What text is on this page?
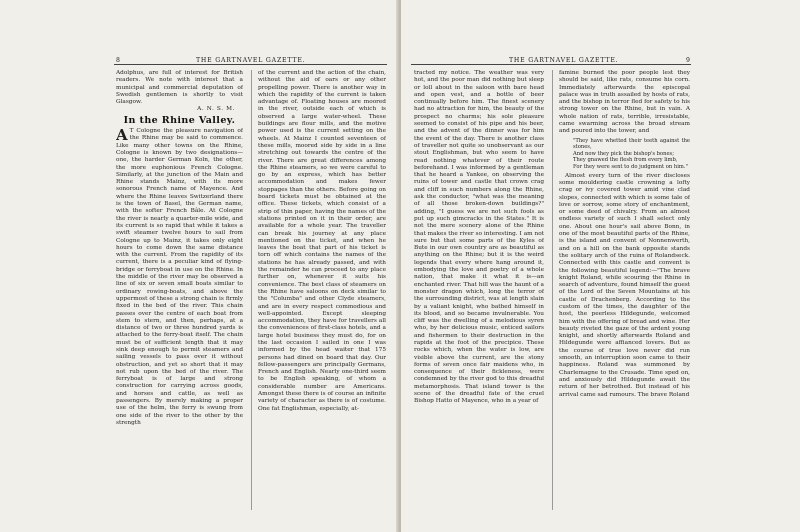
8	THE GARTNAVEL GAZETTE.

Adolphus, are full of interest for British readers. We note with interest that a municipal and commercial deputation of Swedish gentlemen is shortly to visit Glasgow.

A. N. S. M.

In the Rhine Valley.

A T Cologne the pleasure navigation of the Rhine may be said to commence. Like many other towns on the Rhine, Cologne is known by two designations—one, the harder German Koln, the other, the more euphonious French Cologne. Similarly, at the junction of the Main and Rhine stands Mainz, with its more sonorous French name of Mayence. And where the Rhine leaves Switzerland there is the town of Basel, the German name, with the softer French Bâle. At Cologne the river is nearly a quarter-mile wide, and its current is so rapid that while it takes a swift steamer twelve hours to sail from Cologne up to Mainz, it takes only eight hours to come down the same distance with the current. From the rapidity of its current, there is a peculiar kind of flying-bridge or ferryboat in use on the Rhine. In the middle of the river may be observed a line of six or seven small boats similar to ordinary rowing-boats, and above the uppermost of these a strong chain is firmly fixed in the bed of the river. This chain passes over the centre of each boat from stem to stern, and then, perhaps, at a distance of two or three hundred yards is attached to the ferry-boat itself. The chain must be of sufficient length that it may sink deep enough to permit steamers and sailing vessels to pass over it without obstruction, and yet so short that it may not rub upon the bed of the river. The ferryboat is of large and strong construction for carrying across goods, and horses and cattle, as well as passengers. By merely making a proper use of the helm, the ferry is swung from one side of the river to the other by the strength

of the current and the action of the chain, without the aid of oars or any other propelling power. There is another way in which the rapidity of the current is taken advantage of. Floating houses are moored in the river, outside each of which is observed a large water-wheel. These buildings are flour mills, and the motive power used is the current setting on the wheels. At Mainz I counted seventeen of these mills, moored side by side in a line stretching out towards the centre of the river. There are great differences among the Rhine steamers, so we were careful to go by an express, which has better accommodation and makes fewer stoppages than the others. Before going on board tickets must be obtained at the office. These tickets, which consist of a strip of thin paper, having the names of the stations printed on it in their order, are available for a whole year. The traveller can break his journey at any place mentioned on the ticket, and when he leaves the boat that part of his ticket is torn off which contains the names of the stations he has already passed, and with the remainder he can proceed to any place further on, whenever it suits his convenience. The best class of steamers on the Rhine have saloons on deck similar to the "Columba" and other Clyde steamers, and are in every respect commodious and well-appointed. Except sleeping accommodation, they have for travellers all the conveniences of first-class hotels, and a large hotel business they must do, for on the last occasion I sailed in one I was informed by the head waiter that 175 persons had dined on board that day. Our fellow-passengers are principally Germans, French and English. Nearly one-third seem to be English speaking, of whom a considerable number are Americans. Amongst these there is of course an infinite variety of character as there is of costume. One fat Englishman, especially, at-

THE GARTNAVEL GAZETTE.	9

tracted my notice. The weather was very hot, and the poor man did nothing but sleep or loll about in the saloon with bare head and open vest, and a bottle of beer continually before him. The finest scenery had no attraction for him, the beauty of the prospect no charms; his sole pleasure seemed to consist of his pipe and his beer, and the advent of the dinner was for him the event of the day. There is another class of traveller not quite so unobservant as our stout Englishman, but who seem to have read nothing whatever of their route beforehand. I was informed by a gentleman that he heard a Yankee, on observing the ruins of tower and castle that crown crag and cliff in such numbers along the Rhine, ask the conductor, "what was the meaning of all those broken-down buildings?" adding, "I guess we are not such fools as put up such gimcracks in the States." It is not the mere scenery alone of the Rhine that makes the river so interesting. I am not sure but that some parts of the Kyles of Bute in our own country are as beautiful as anything on the Rhine; but it is the weird legends that every where hang around it, embodying the love and poetry of a whole nation, that make it what it is—an enchanted river. That hill was the haunt of a monster dragon which, long the terror of the surrounding district, was at length slain by a valiant knight, who bathed himself in its blood, and so became invulnerable. You cliff was the dwelling of a melodious syren who, by her delicious music, enticed sailors and fishermen to their destruction in the rapids at the foot of the precipice. These rocks which, when the water is low, are visible above the current, are the stony forms of seven once fair maidens who, in consequence of their fickleness, were condemned by the river god to this dreadful metamorphosis. That island tower is the scene of the dreadful fate of the cruel Bishop Hatto of Mayence, who in a year of

famine burned the poor people lest they should be said, like rats, consume his corn. Immediately afterwards the episcopal palace was in truth assailed by hosts of rats, and the bishop in terror fled for safety to his strong tower on the Rhine, but in vain. A whole nation of rats, terrible, irresistable, came swarming across the broad stream and poured into the tower, and

"They have whetted their teeth against the stones,

And now they pick the bishop's bones;

They gnawed the flesh from every limb,

For they were sent to do judgment on him."

Almost every turn of the river discloses some mouldering castle crowning a lofty crag or ivy covered tower amid vine clad slopes, connected with which is some tale of love or sorrow, some story of enchantment, or some deed of chivalry. From an almost endless variety of such I shall select only one. About one hour's sail above Bonn, in one of the most beautiful parts of the Rhine, is the island and convent of Nonnenwerth, and on a hill on the bank opposite stands the solitary arch of the ruins of Rolandseck. Connected with this castle and convent is the following beautiful legend:—"The brave knight Roland, while scouring the Rhine in search of adventure, found himself the guest of the Lord of the Seven Mountains at his castle of Drachenberg. According to the custom of the times, the daughter of the host, the peerless Hildegunde, welcomed him with the offering of bread and wine. Her beauty riveted the gaze of the ardent young knight, and shortly afterwards Roland and Hildegunde were affianced lovers. But as the course of true love never did run smooth, an interruption soon came to their happiness. Roland was summoned by Charlemagne to the Crusade. Time sped on, and anxiously did Hildegunde await the return of her betrothed. But instead of his arrival came sad rumours. The brave Roland
